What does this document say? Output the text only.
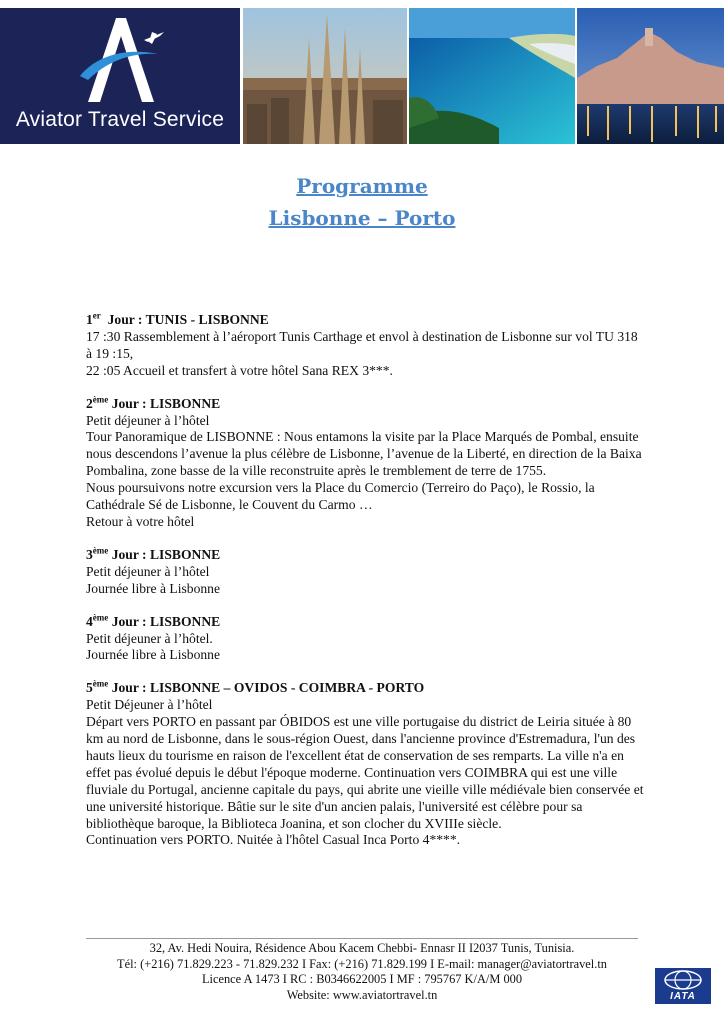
Aviator Travel Service
Programme
Lisbonne – Porto
1er Jour : TUNIS - LISBONNE
17 :30 Rassemblement à l’aéroport Tunis Carthage et envol à destination de Lisbonne sur vol TU 318 à 19 :15,
22 :05 Accueil et transfert à votre hôtel Sana REX 3***.
2ème Jour : LISBONNE
Petit déjeuner à l’hôtel
Tour Panoramique de LISBONNE : Nous entamons la visite par la Place Marqués de Pombal, ensuite nous descendons l’avenue la plus célèbre de Lisbonne, l’avenue de la Liberté, en direction de la Baixa Pombalina, zone basse de la ville reconstruite après le tremblement de terre de 1755.
Nous poursuivons notre excursion vers la Place du Comercio (Terreiro do Paço), le Rossio, la Cathédrale Sé de Lisbonne, le Couvent du Carmo …
Retour à votre hôtel
3ème Jour : LISBONNE
Petit déjeuner à l’hôtel
Journée libre à Lisbonne
4ème Jour : LISBONNE
Petit déjeuner à l’hôtel.
Journée libre à Lisbonne
5ème Jour : LISBONNE – OVIDOS - COIMBRA - PORTO
Petit Déjeuner à l’hôtel
Départ vers PORTO en passant par ÓBIDOS est une ville portugaise du district de Leiria située à 80 km au nord de Lisbonne, dans le sous-région Ouest, dans l'ancienne province d'Estremadura, l'un des hauts lieux du tourisme en raison de l'excellent état de conservation de ses remparts. La ville n'a en effet pas évolué depuis le début l'époque moderne. Continuation vers COIMBRA qui est une ville fluviale du Portugal, ancienne capitale du pays, qui abrite une vieille ville médiévale bien conservée et une université historique. Bâtie sur le site d'un ancien palais, l'université est célèbre pour sa bibliothèque baroque, la Biblioteca Joanina, et son clocher du XVIIIe siècle.
Continuation vers PORTO. Nuitée à l'hôtel Casual Inca Porto 4****.
32, Av. Hedi Nouira, Résidence Abou Kacem Chebbi- Ennasr II I2037 Tunis, Tunisia.
Tél: (+216) 71.829.223 - 71.829.232 I Fax: (+216) 71.829.199 I E-mail: manager@aviatortravel.tn
Licence A 1473 I RC : B0346622005 I MF : 795767 K/A/M 000
Website: www.aviatortravel.tn	IATA
